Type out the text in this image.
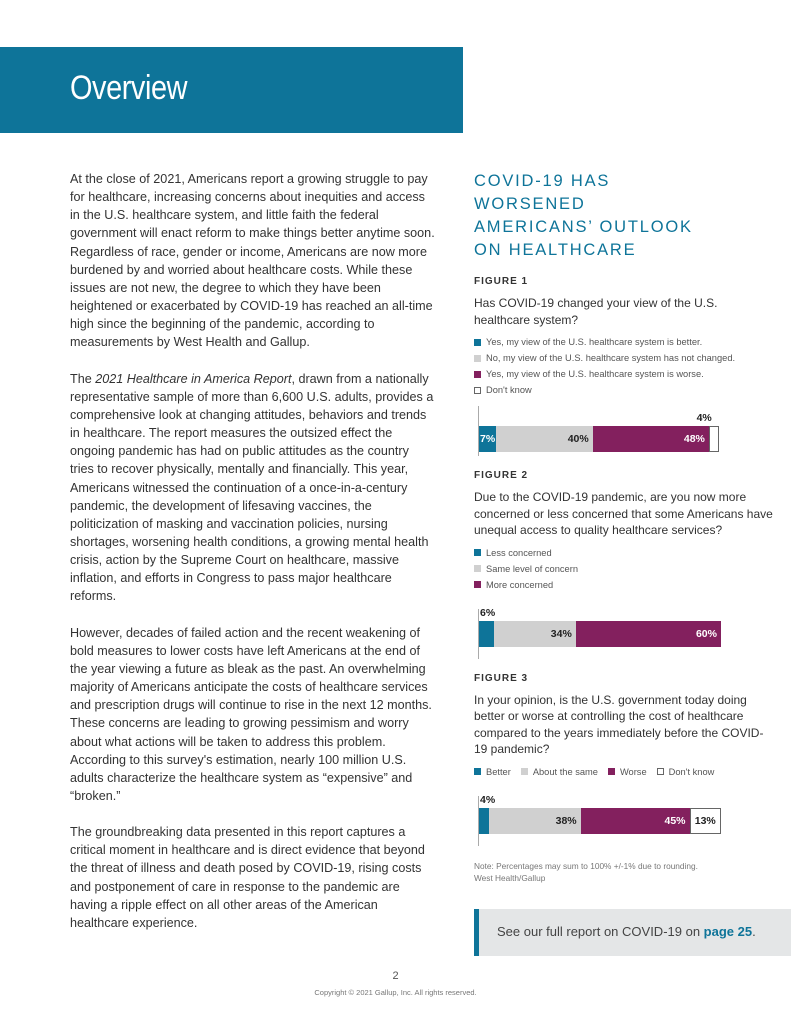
Overview

At the close of 2021, Americans report a growing struggle to pay for healthcare, increasing concerns about inequities and access in the U.S. healthcare system, and little faith the federal government will enact reform to make things better anytime soon. Regardless of race, gender or income, Americans are now more burdened by and worried about healthcare costs. While these issues are not new, the degree to which they have been heightened or exacerbated by COVID-19 has reached an all-time high since the beginning of the pandemic, according to measurements by West Health and Gallup.

The 2021 Healthcare in America Report, drawn from a nationally representative sample of more than 6,600 U.S. adults, provides a comprehensive look at changing attitudes, behaviors and trends in healthcare. The report measures the outsized effect the ongoing pandemic has had on public attitudes as the country tries to recover physically, mentally and financially. This year, Americans witnessed the continuation of a once-in-a-century pandemic, the development of lifesaving vaccines, the politicization of masking and vaccination policies, nursing shortages, worsening health conditions, a growing mental health crisis, action by the Supreme Court on healthcare, massive inflation, and efforts in Congress to pass major healthcare reforms.

However, decades of failed action and the recent weakening of bold measures to lower costs have left Americans at the end of the year viewing a future as bleak as the past. An overwhelming majority of Americans anticipate the costs of healthcare services and prescription drugs will continue to rise in the next 12 months. These concerns are leading to growing pessimism and worry about what actions will be taken to address this problem. According to this survey's estimation, nearly 100 million U.S. adults characterize the healthcare system as “expensive” and “broken.”

The groundbreaking data presented in this report captures a critical moment in healthcare and is direct evidence that beyond the threat of illness and death posed by COVID-19, rising costs and postponement of care in response to the pandemic are having a ripple effect on all other areas of the American healthcare experience.

COVID-19 HAS WORSENED AMERICANS’ OUTLOOK ON HEALTHCARE
FIGURE 1
Has COVID-19 changed your view of the U.S. healthcare system?
Yes, my view of the U.S. healthcare system is better.
No, my view of the U.S. healthcare system has not changed.
Yes, my view of the U.S. healthcare system is worse.
Don't know
7%	40%	48%
4%
FIGURE 2
Due to the COVID-19 pandemic, are you now more concerned or less concerned that some Americans have unequal access to quality healthcare services?
Less concerned
Same level of concern
More concerned
34%	60%
6%
FIGURE 3
In your opinion, is the U.S. government today doing better or worse at controlling the cost of healthcare compared to the years immediately before the COVID-19 pandemic?
Better About the same Worse Don't know
38%	45% 13%
4%
Note: Percentages may sum to 100% +/-1% due to rounding.
West Health/Gallup
See our full report on COVID-19 on page 25.
2
Copyright © 2021 Gallup, Inc. All rights reserved.
